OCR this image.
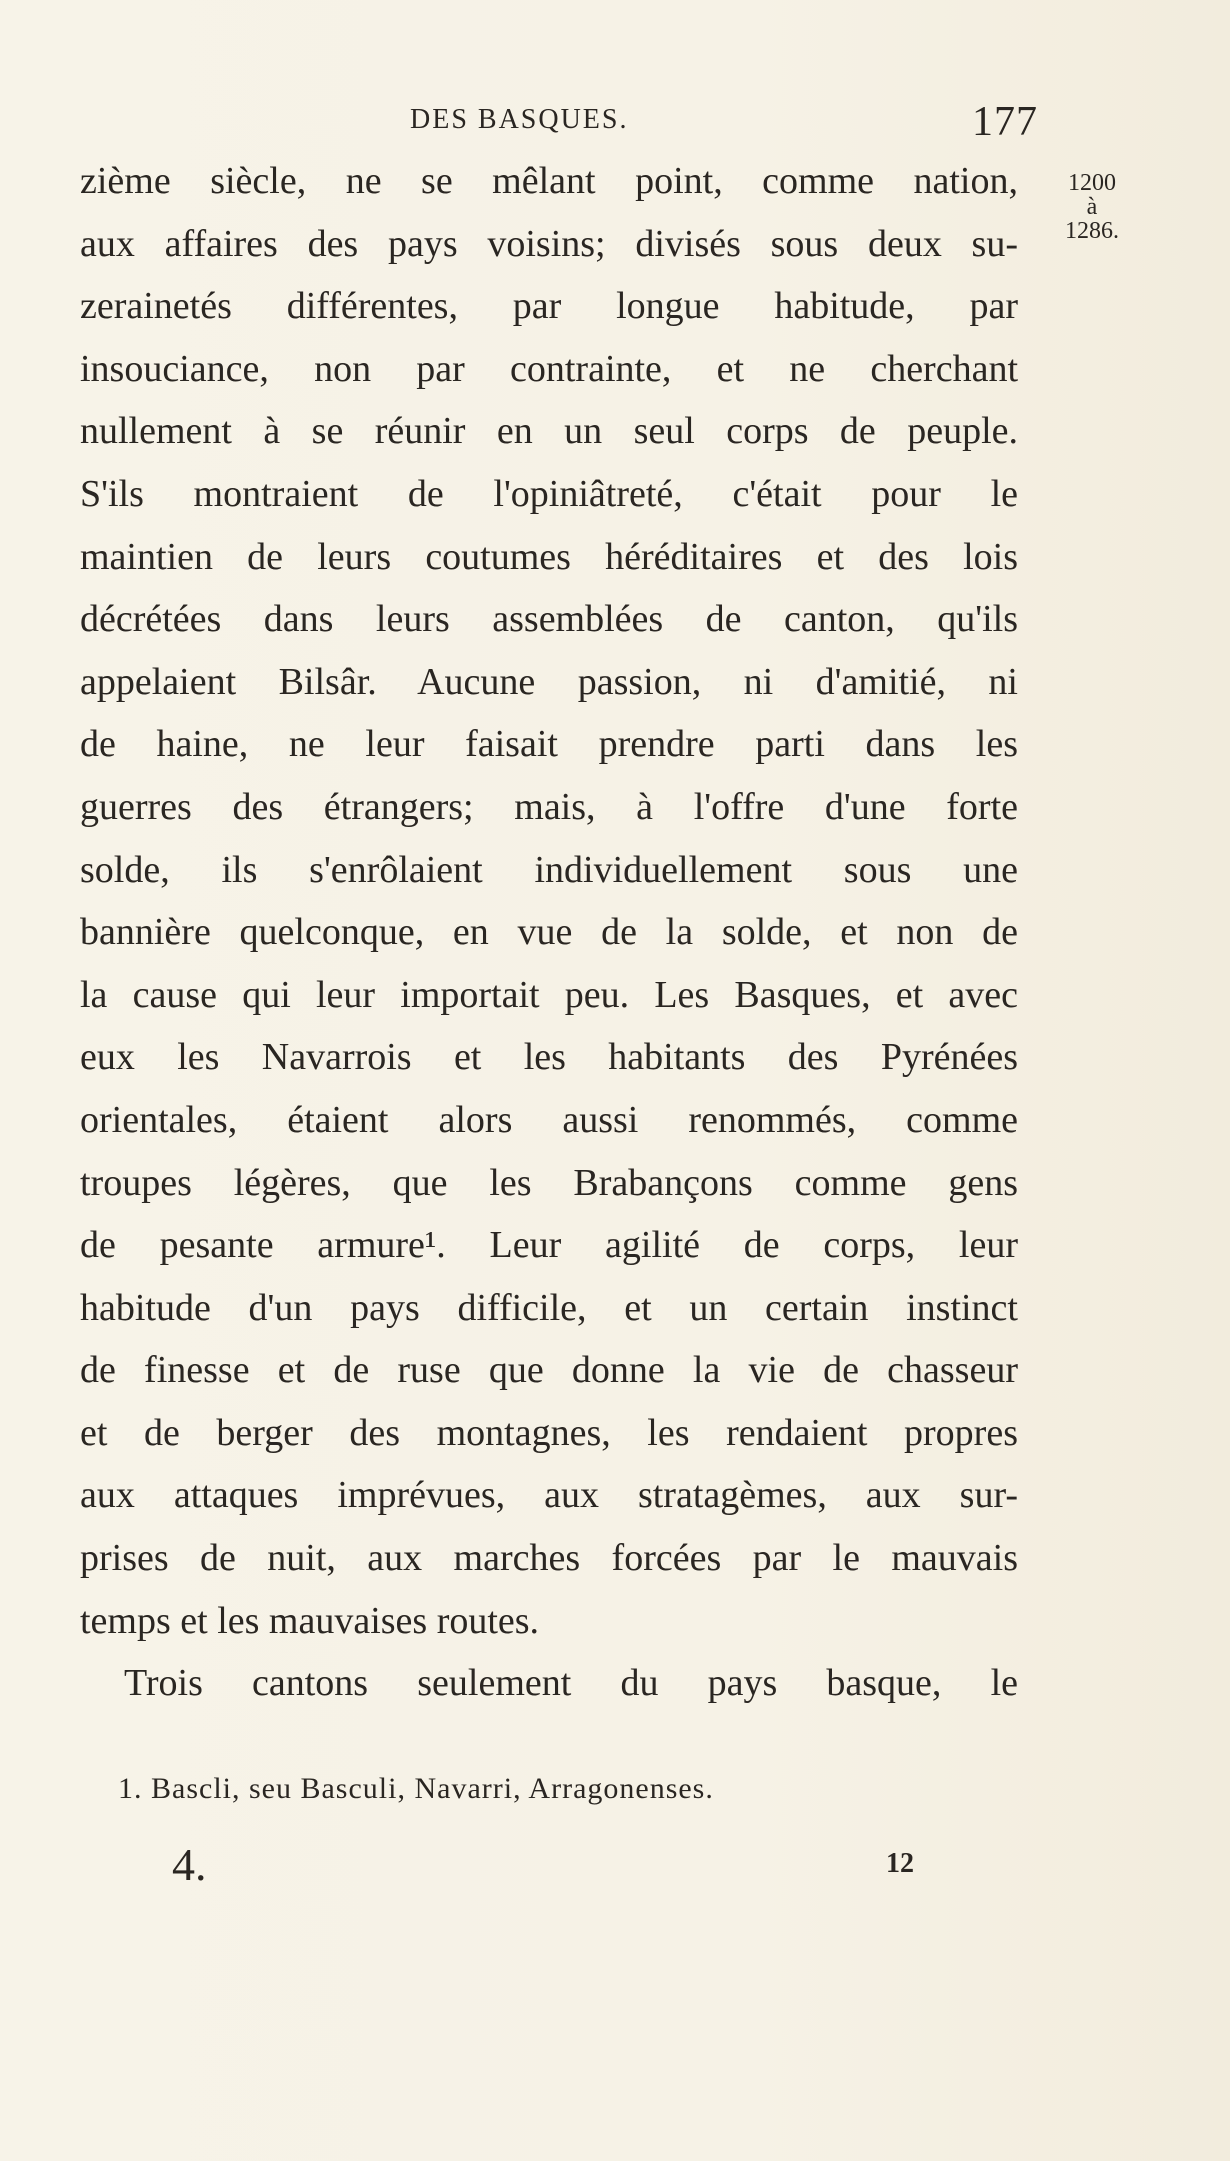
DES BASQUES.	177
1200
à
1286.
zième siècle, ne se mêlant point, comme nation,
aux affaires des pays voisins; divisés sous deux su-
zerainetés différentes, par longue habitude, par
insouciance, non par contrainte, et ne cherchant
nullement à se réunir en un seul corps de peuple.
S'ils montraient de l'opiniâtreté, c'était pour le
maintien de leurs coutumes héréditaires et des lois
décrétées dans leurs assemblées de canton, qu'ils
appelaient Bilsâr. Aucune passion, ni d'amitié, ni
de haine, ne leur faisait prendre parti dans les
guerres des étrangers; mais, à l'offre d'une forte
solde, ils s'enrôlaient individuellement sous une
bannière quelconque, en vue de la solde, et non de
la cause qui leur importait peu. Les Basques, et avec
eux les Navarrois et les habitants des Pyrénées
orientales, étaient alors aussi renommés, comme
troupes légères, que les Brabançons comme gens
de pesante armure¹. Leur agilité de corps, leur
habitude d'un pays difficile, et un certain instinct
de finesse et de ruse que donne la vie de chasseur
et de berger des montagnes, les rendaient propres
aux attaques imprévues, aux stratagèmes, aux sur-
prises de nuit, aux marches forcées par le mauvais
temps et les mauvaises routes.
Trois cantons seulement du pays basque, le
1. Bascli, seu Basculi, Navarri, Arragonenses.
4.	12
